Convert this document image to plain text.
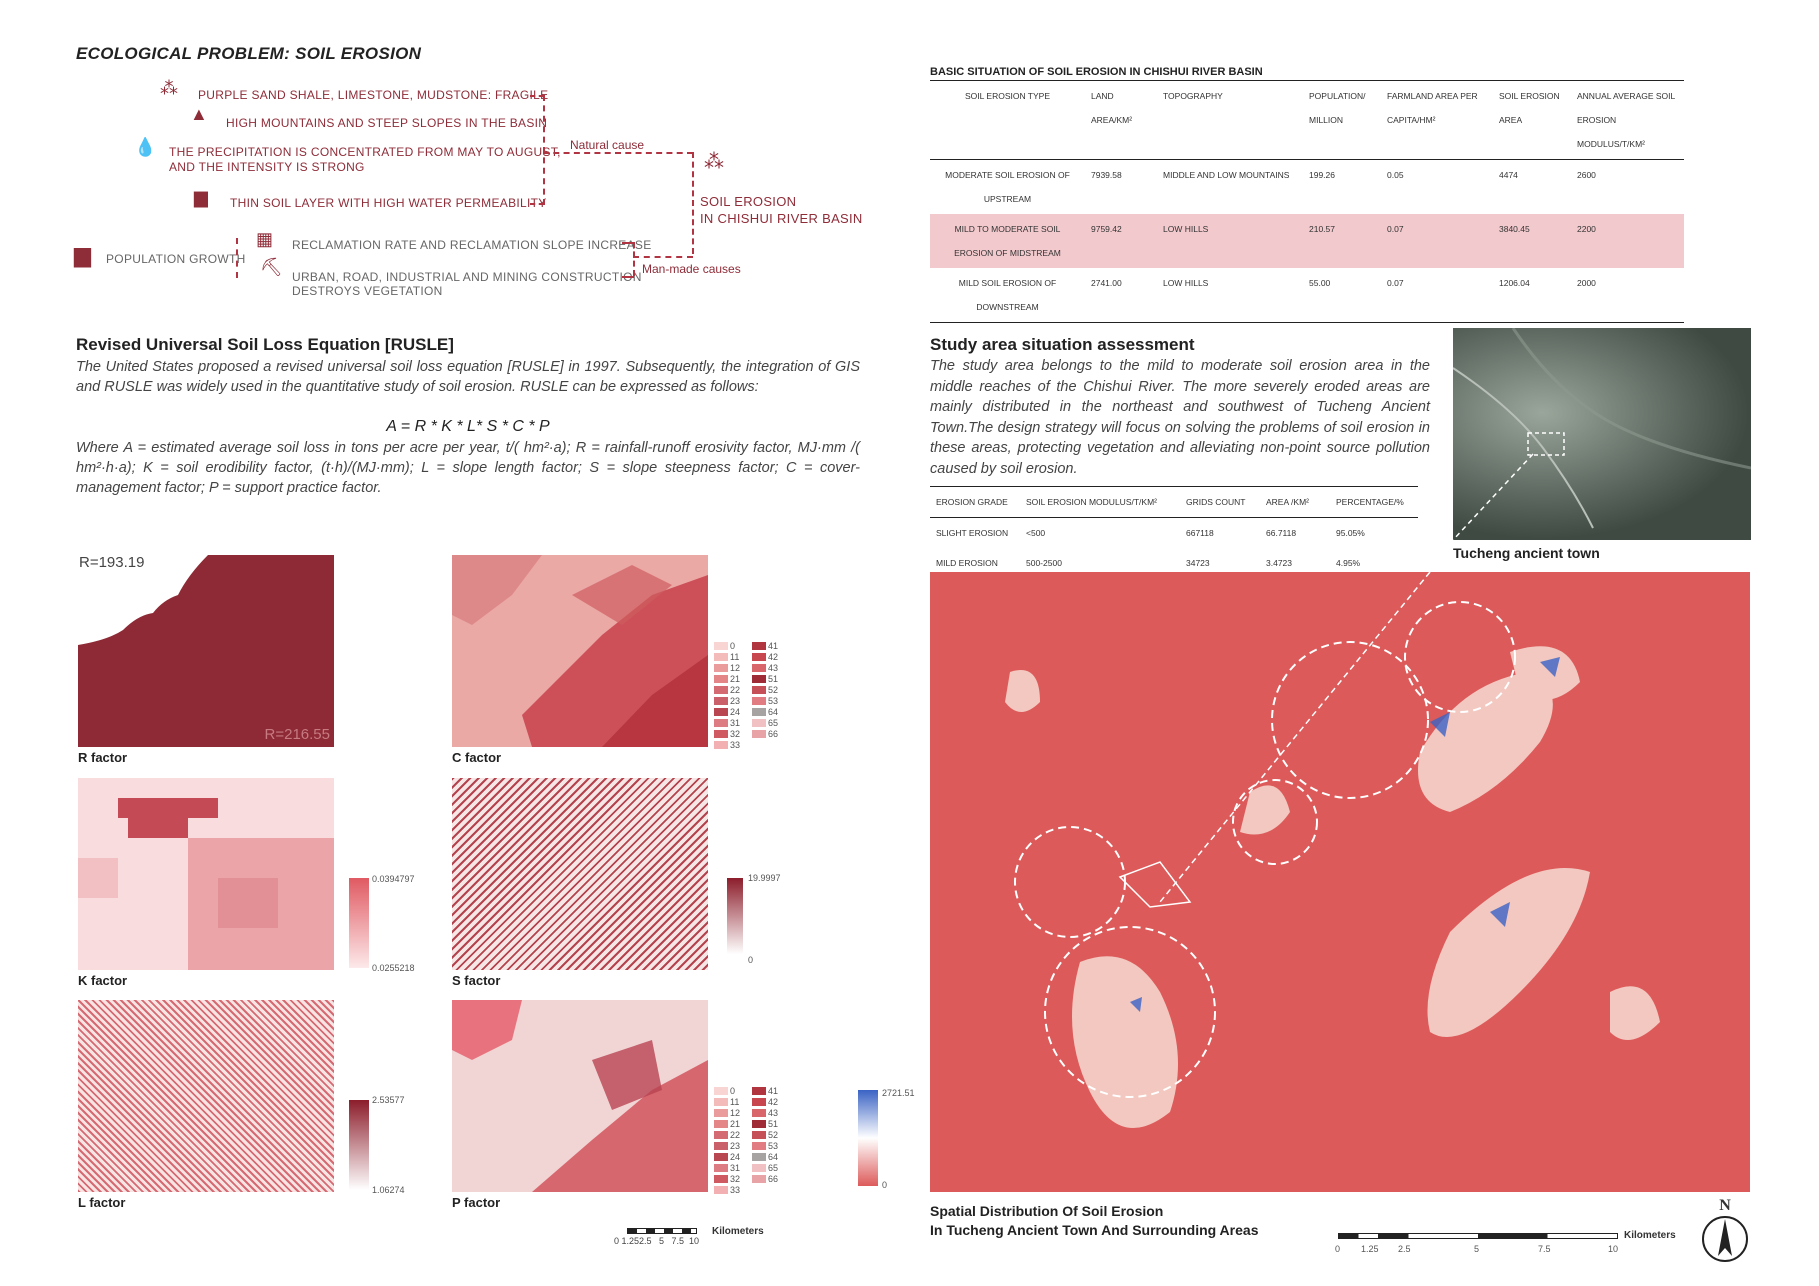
ECOLOGICAL PROBLEM: SOIL EROSION
⁂ PURPLE SAND SHALE, LIMESTONE, MUDSTONE: FRAGILE
▲ HIGH MOUNTAINS AND STEEP SLOPES IN THE BASIN
💧 THE PRECIPITATION IS CONCENTRATED FROM MAY TO AUGUST,
AND THE INTENSITY IS STRONG
▆ THIN SOIL LAYER WITH HIGH WATER PERMEABILITY
▆ POPULATION GROWTH
▦ RECLAMATION RATE AND RECLAMATION SLOPE INCREASE
⛏ URBAN, ROAD, INDUSTRIAL AND MINING CONSTRUCTION
DESTROYS VEGETATION
Natural cause
Man-made causes
⁂
SOIL EROSION
IN CHISHUI RIVER BASIN
Revised Universal Soil Loss Equation [RUSLE]
The United States proposed a revised universal soil loss equation [RUSLE] in 1997. Subsequently, the integration of GIS and RUSLE was widely used in the quantitative study of soil erosion. RUSLE can be expressed as follows:
A = R * K * L* S * C * P
Where A = estimated average soil loss in tons per acre per year, t/( hm²·a); R = rainfall-runoff erosivity factor, MJ·mm /( hm²·h·a); K = soil erodibility factor, (t·h)/(MJ·mm); L = slope length factor; S = slope steepness factor; C = cover-management factor; P = support practice factor.
R=216.55
R=193.19
R factor	C factor
0	41
11	42
12	43
21	51
22	52
23	53
24	64
31	65
32	66
33
K factor
0.0394797
0.0255218
S factor
19.9997
0
L factor
2.53577
1.06274
P factor
0	41
11	42
12	43
21	51
22	52
23	53
24	64
31	65
32	66
33
Kilometers
0 1.252.5   5   7.5  10
BASIC SITUATION OF SOIL EROSION IN CHISHUI RIVER BASIN
SOIL EROSION TYPE	LAND AREA/KM²	TOPOGRAPHY	POPULATION/ MILLION	FARMLAND AREA PER CAPITA/HM²	SOIL EROSION AREA	ANNUAL AVERAGE SOIL EROSION MODULUS/T/KM²
MODERATE SOIL EROSION OF UPSTREAM	7939.58	MIDDLE AND LOW MOUNTAINS	199.26	0.05	4474	2600
MILD TO MODERATE SOIL EROSION OF MIDSTREAM	9759.42	LOW HILLS	210.57	0.07	3840.45	2200
MILD SOIL EROSION OF DOWNSTREAM	2741.00	LOW HILLS	55.00	0.07	1206.04	2000
Study area situation assessment
The study area belongs to the mild to moderate soil erosion area in the middle reaches of the Chishui River. The more severely eroded areas are mainly distributed in the northeast and southwest of Tucheng Ancient Town.The design strategy will focus on solving the problems of soil erosion in these areas, protecting vegetation and alleviating non-point source pollution caused by soil erosion.
Tucheng ancient town
EROSION GRADE	SOIL EROSION MODULUS/T/KM²	GRIDS COUNT	AREA /KM²	PERCENTAGE/%
SLIGHT EROSION	<500	667118	66.7118	95.05%
MILD EROSION	500-2500	34723	3.4723	4.95%
2721.51
0
Spatial Distribution Of Soil Erosion
In Tucheng Ancient Town And Surrounding Areas	Kilometers
0 1.25 2.5	5	7.5	10
N
